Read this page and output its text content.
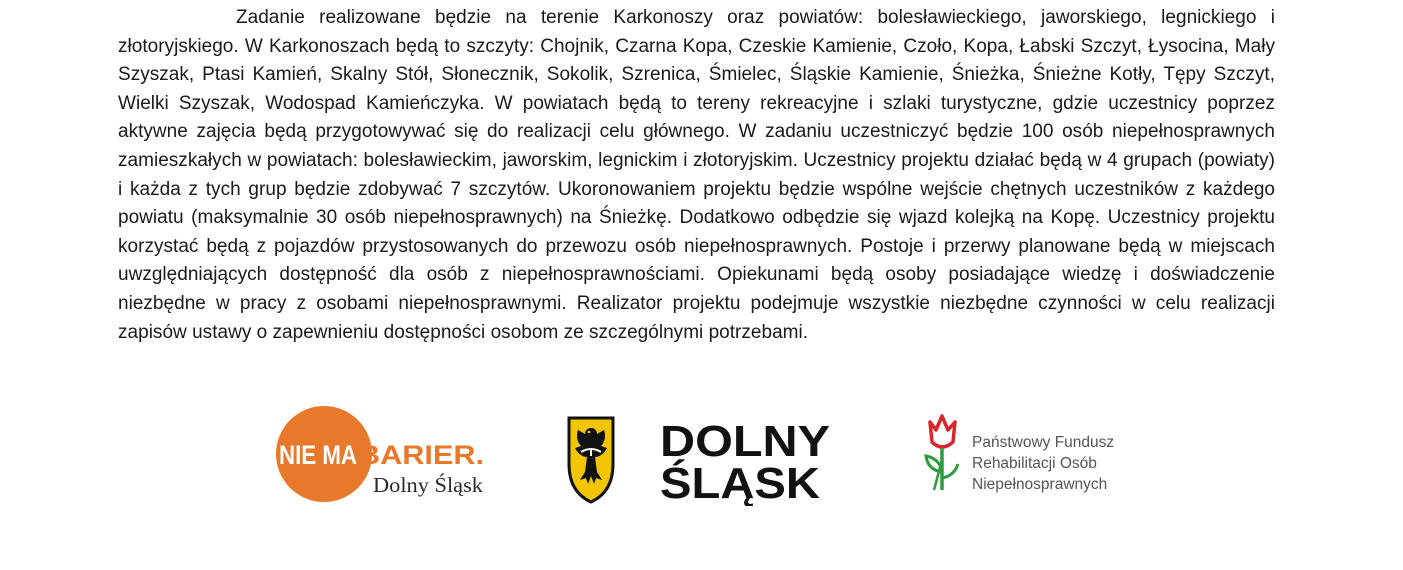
Zadanie realizowane będzie na terenie Karkonoszy oraz powiatów: bolesławieckiego, jaworskiego, legnickiego i złotoryjskiego. W Karkonoszach będą to szczyty: Chojnik, Czarna Kopa, Czeskie Kamienie, Czoło, Kopa, Łabski Szczyt, Łysocina, Mały Szyszak, Ptasi Kamień, Skalny Stół, Słonecznik, Sokolik, Szrenica, Śmielec, Śląskie Kamienie, Śnieżka, Śnieżne Kotły, Tępy Szczyt, Wielki Szyszak, Wodospad Kamieńczyka. W powiatach będą to tereny rekreacyjne i szlaki turystyczne, gdzie uczestnicy poprzez aktywne zajęcia będą przygotowywać się do realizacji celu głównego. W zadaniu uczestniczyć będzie 100 osób niepełnosprawnych zamieszkałych w powiatach: bolesławieckim, jaworskim, legnickim i złotoryjskim. Uczestnicy projektu działać będą w 4 grupach (powiaty) i każda z tych grup będzie zdobywać 7 szczytów. Ukoronowaniem projektu będzie wspólne wejście chętnych uczestników z każdego powiatu (maksymalnie 30 osób niepełnosprawnych) na Śnieżkę. Dodatkowo odbędzie się wjazd kolejką na Kopę. Uczestnicy projektu korzystać będą z pojazdów przystosowanych do przewozu osób niepełnosprawnych. Postoje i przerwy planowane będą w miejscach uwzględniających dostępność dla osób z niepełnosprawnościami. Opiekunami będą osoby posiadające wiedzę i doświadczenie niezbędne w pracy z osobami niepełnosprawnymi. Realizator projektu podejmuje wszystkie niezbędne czynności w celu realizacji zapisów ustawy o zapewnieniu dostępności osobom ze szczególnymi potrzebami.

NIE MA BARIER.
Dolny Śląsk
DOLNY
ŚLĄSK
Państwowy Fundusz
Rehabilitacji Osób
Niepełnosprawnych
